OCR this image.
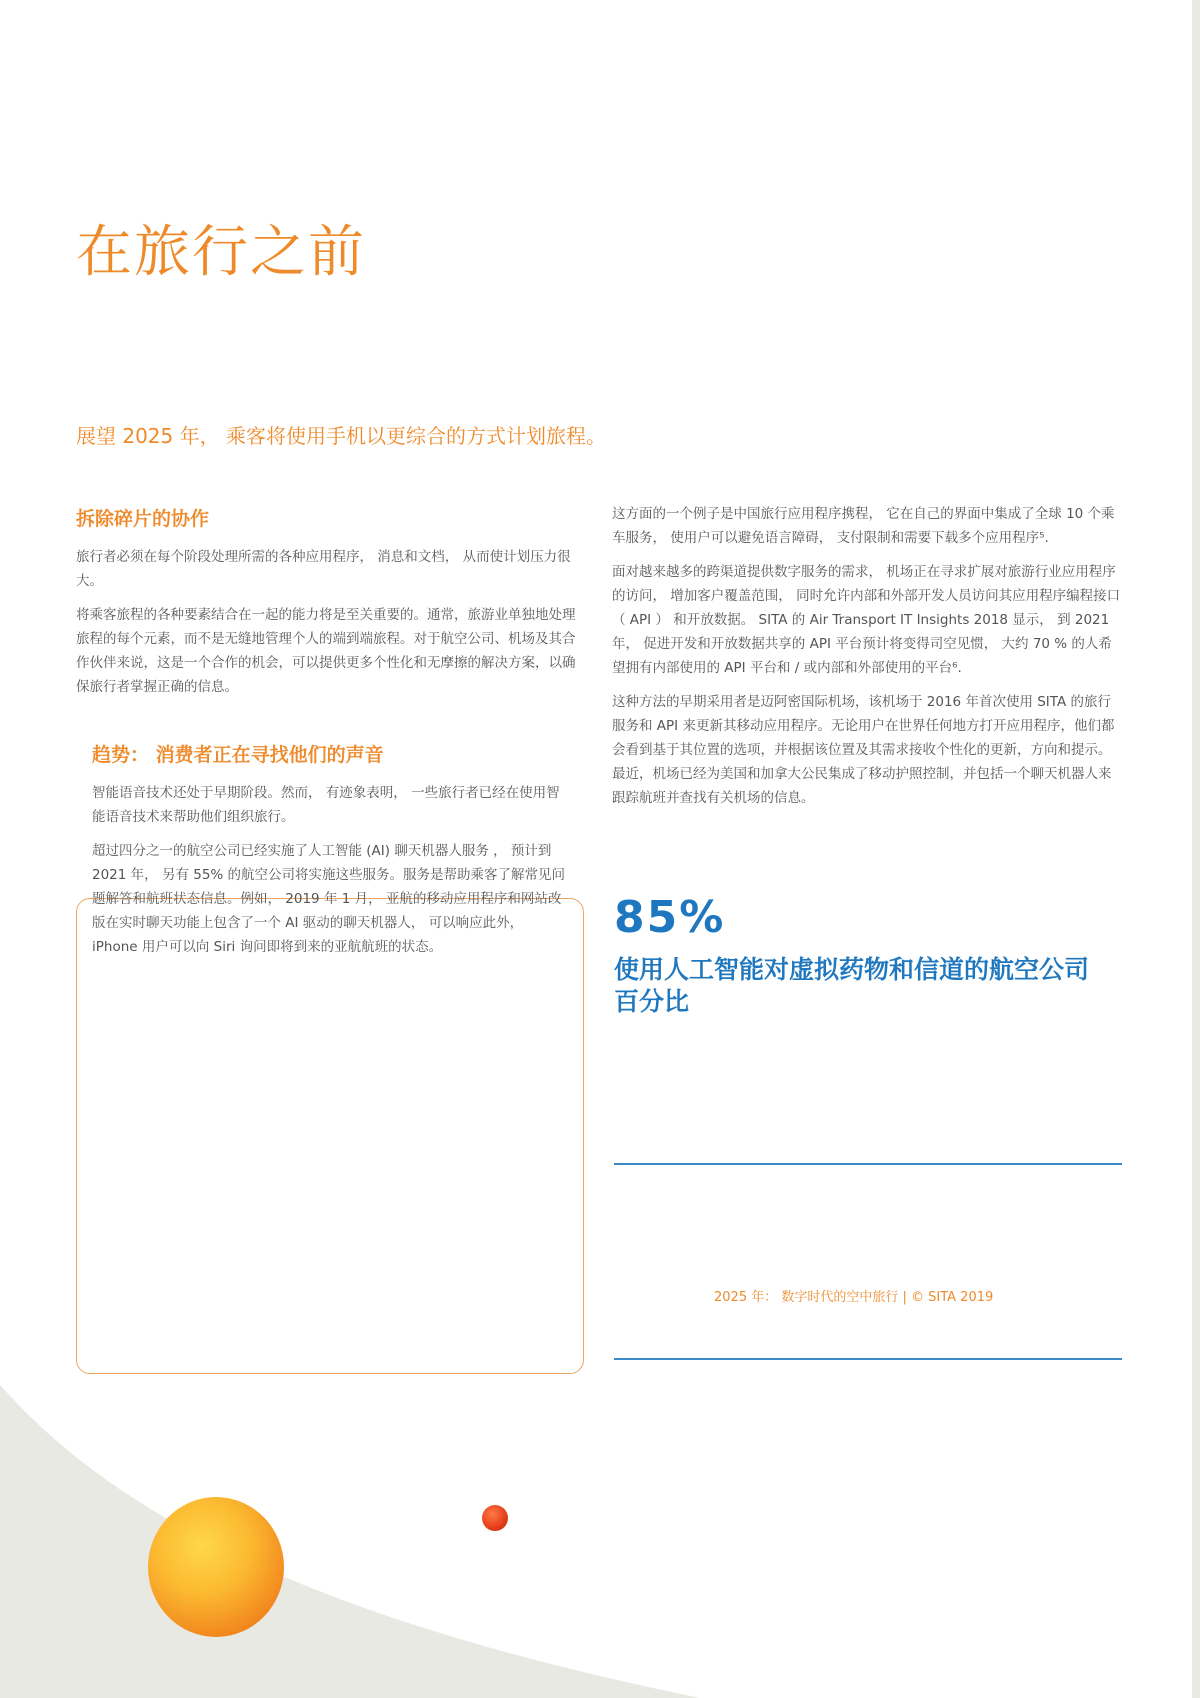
在旅行之前

展望 2025 年， 乘客将使用手机以更综合的方式计划旅程。

拆除碎片的协作

旅行者必须在每个阶段处理所需的各种应用程序， 消息和文档， 从而使计划压力很大。

将乘客旅程的各种要素结合在一起的能力将是至关重要的。通常，旅游业单独地处理旅程的每个元素，而不是无缝地管理个人的端到端旅程。对于航空公司、机场及其合作伙伴来说，这是一个合作的机会，可以提供更多个性化和无摩擦的解决方案，以确保旅行者掌握正确的信息。

趋势： 消费者正在寻找他们的声音

智能语音技术还处于早期阶段。然而， 有迹象表明， 一些旅行者已经在使用智能语音技术来帮助他们组织旅行。

超过四分之一的航空公司已经实施了人工智能 (AI) 聊天机器人服务 ， 预计到 2021 年， 另有 55% 的航空公司将实施这些服务。服务是帮助乘客了解常见问题解答和航班状态信息。例如， 2019 年 1 月， 亚航的移动应用程序和网站改版在实时聊天功能上包含了一个 AI 驱动的聊天机器人， 可以响应此外， iPhone 用户可以向 Siri 询问即将到来的亚航航班的状态。

这方面的一个例子是中国旅行应用程序携程， 它在自己的界面中集成了全球 10 个乘车服务， 使用户可以避免语言障碍， 支付限制和需要下载多个应用程序⁵.

面对越来越多的跨渠道提供数字服务的需求， 机场正在寻求扩展对旅游行业应用程序的访问， 增加客户覆盖范围， 同时允许内部和外部开发人员访问其应用程序编程接口 （ API ） 和开放数据。 SITA 的 Air Transport IT Insights 2018 显示， 到 2021 年， 促进开发和开放数据共享的 API 平台预计将变得司空见惯， 大约 70 % 的人希望拥有内部使用的 API 平台和 / 或内部和外部使用的平台⁶.

这种方法的早期采用者是迈阿密国际机场，该机场于 2016 年首次使用 SITA 的旅行服务和 API 来更新其移动应用程序。无论用户在世界任何地方打开应用程序，他们都会看到基于其位置的选项，并根据该位置及其需求接收个性化的更新，方向和提示。最近，机场已经为美国和加拿大公民集成了移动护照控制，并包括一个聊天机器人来跟踪航班并查找有关机场的信息。

85%

使用人工智能对虚拟药物和信道的航空公司百分比

2025 年： 数字时代的空中旅行 | © SITA 2019
